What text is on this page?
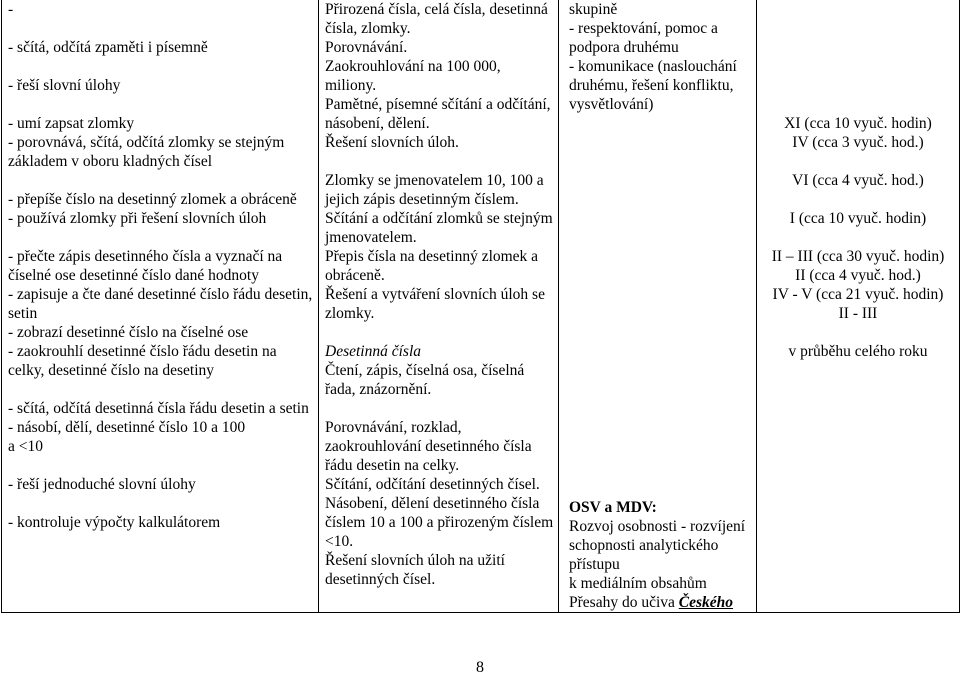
-
- sčítá, odčítá zpaměti i písemně
- řeší slovní úlohy
- umí zapsat zlomky
- porovnává, sčítá, odčítá zlomky se stejným základem v oboru kladných čísel
- přepíše číslo na desetinný zlomek a obráceně
- používá zlomky při řešení slovních úloh
- přečte zápis desetinného čísla a vyznačí na číselné ose desetinné číslo dané hodnoty
- zapisuje a čte dané desetinné číslo řádu desetin, setin
- zobrazí desetinné číslo na číselné ose
- zaokrouhlí desetinné číslo řádu desetin na celky, desetinné číslo na desetiny
- sčítá, odčítá desetinná čísla řádu desetin a setin
- násobí, dělí, desetinné číslo 10 a 100
a <10
- řeší jednoduché slovní úlohy
- kontroluje výpočty kalkulátorem

Přirozená čísla, celá čísla, desetinná čísla, zlomky.
Porovnávání.
Zaokrouhlování na 100 000, miliony.
Pamětné, písemné sčítání a odčítání, násobení, dělení.
Řešení slovních úloh.
Zlomky se jmenovatelem 10, 100 a jejich zápis desetinným číslem.
Sčítání a odčítání zlomků se stejným jmenovatelem.
Přepis čísla na desetinný zlomek a obráceně.
Řešení a vytváření slovních úloh se zlomky.
Desetinná čísla
Čtení, zápis, číselná osa, číselná řada, znázornění.
Porovnávání, rozklad, zaokrouhlování desetinného čísla řádu desetin na celky.
Sčítání, odčítání desetinných čísel.
Násobení, dělení desetinného čísla číslem 10 a 100 a přirozeným číslem <10.
Řešení slovních úloh na užití desetinných čísel.

skupině
- respektování, pomoc a podpora druhému
- komunikace (naslouchání druhému, řešení konfliktu, vysvětlování)
OSV a MDV:
Rozvoj osobnosti - rozvíjení schopnosti analytického přístupu
k mediálním obsahům
Přesahy do učiva Českého

XI (cca 10 vyuč. hodin)
IV (cca 3 vyuč. hod.)
VI (cca 4 vyuč. hod.)
I (cca 10 vyuč. hodin)
II – III (cca 30 vyuč. hodin)
II (cca 4 vyuč. hod.)
IV - V (cca 21 vyuč. hodin)
II - III
v průběhu celého roku
8
